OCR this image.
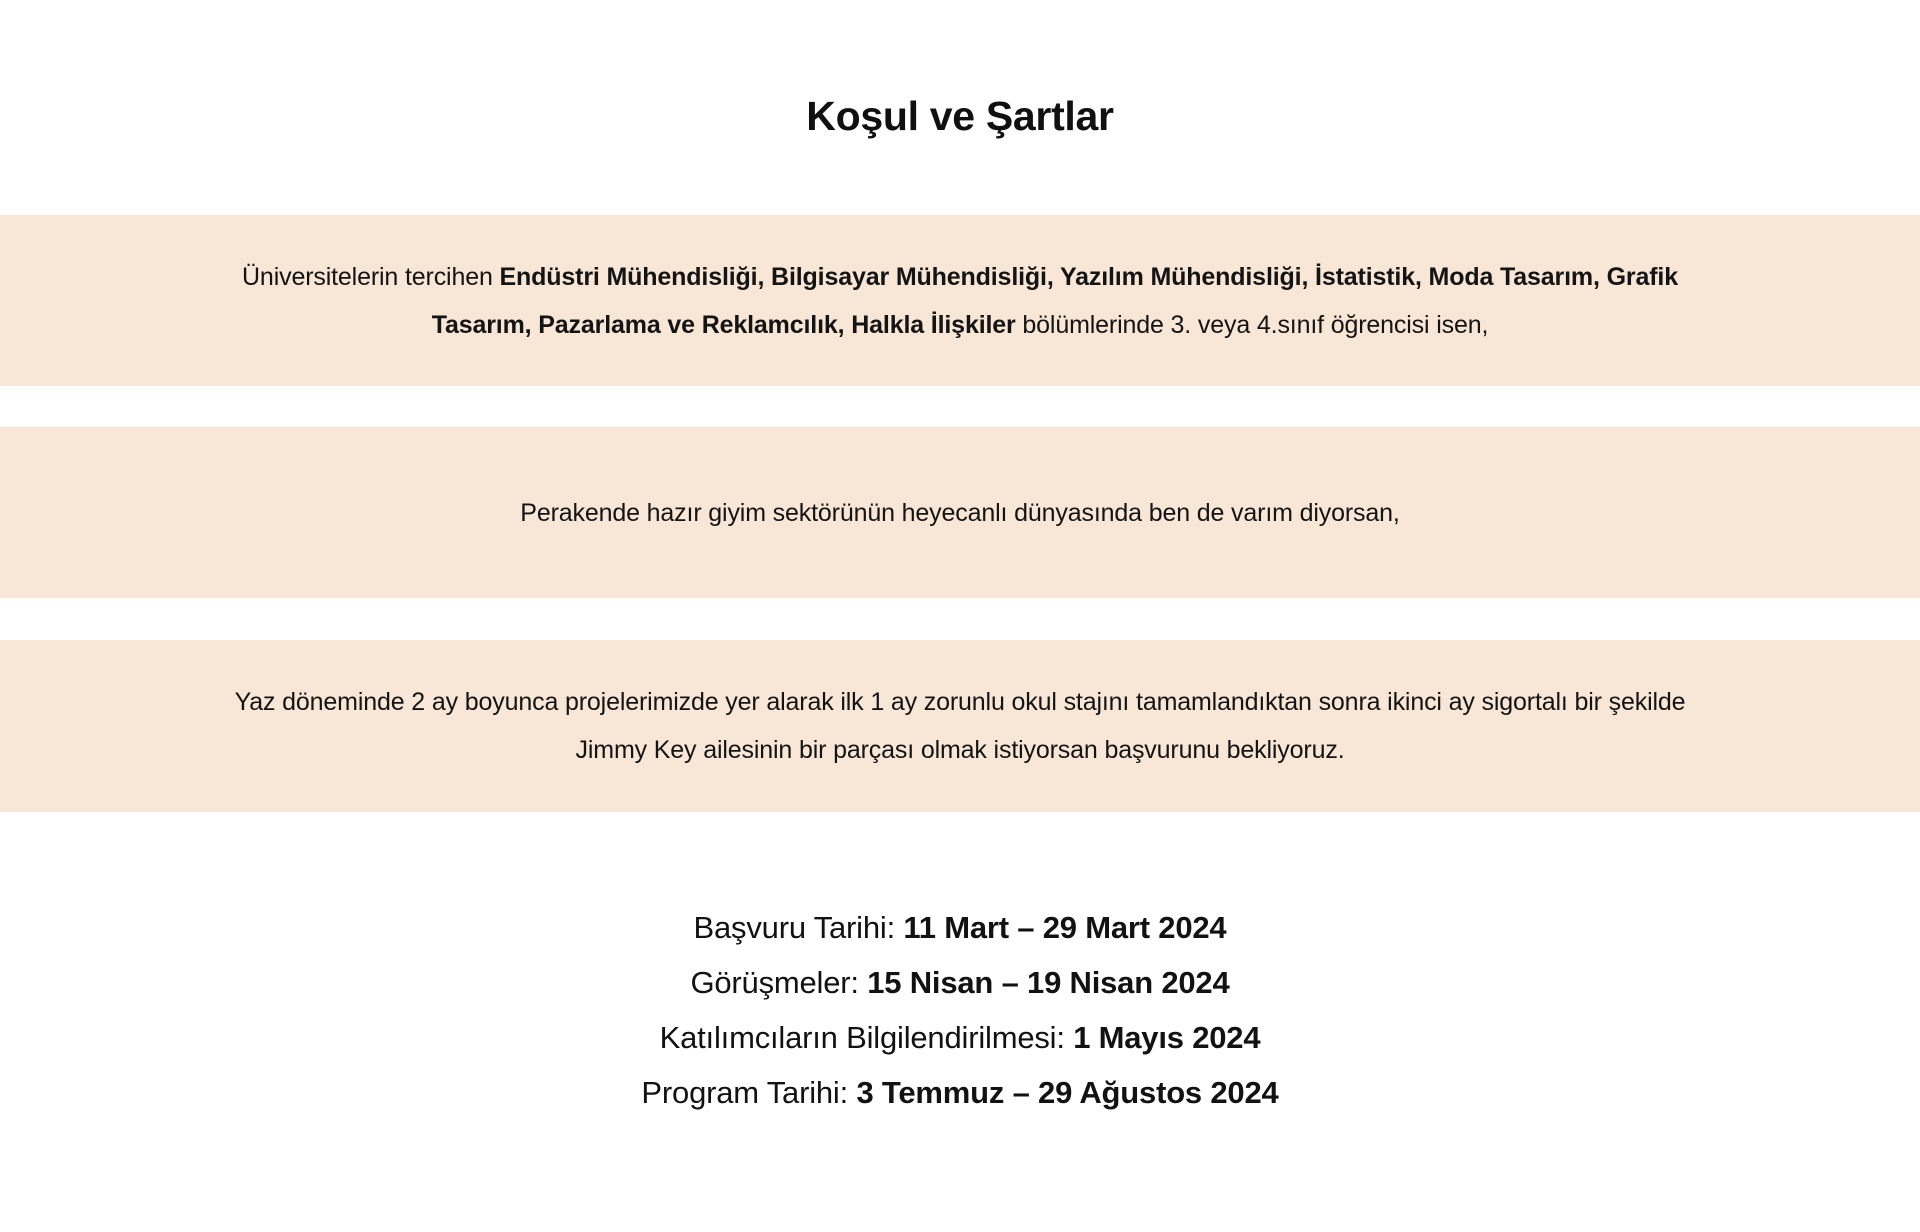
Koşul ve Şartlar

Üniversitelerin tercihen Endüstri Mühendisliği, Bilgisayar Mühendisliği, Yazılım Mühendisliği, İstatistik, Moda Tasarım, Grafik Tasarım, Pazarlama ve Reklamcılık, Halkla İlişkiler bölümlerinde 3. veya 4.sınıf öğrencisi isen,

Perakende hazır giyim sektörünün heyecanlı dünyasında ben de varım diyorsan,

Yaz döneminde 2 ay boyunca projelerimizde yer alarak ilk 1 ay zorunlu okul stajını tamamlandıktan sonra ikinci ay sigortalı bir şekilde Jimmy Key ailesinin bir parçası olmak istiyorsan başvurunu bekliyoruz.

Başvuru Tarihi: 11 Mart – 29 Mart 2024
Görüşmeler: 15 Nisan – 19 Nisan 2024
Katılımcıların Bilgilendirilmesi: 1 Mayıs 2024
Program Tarihi: 3 Temmuz – 29 Ağustos 2024
